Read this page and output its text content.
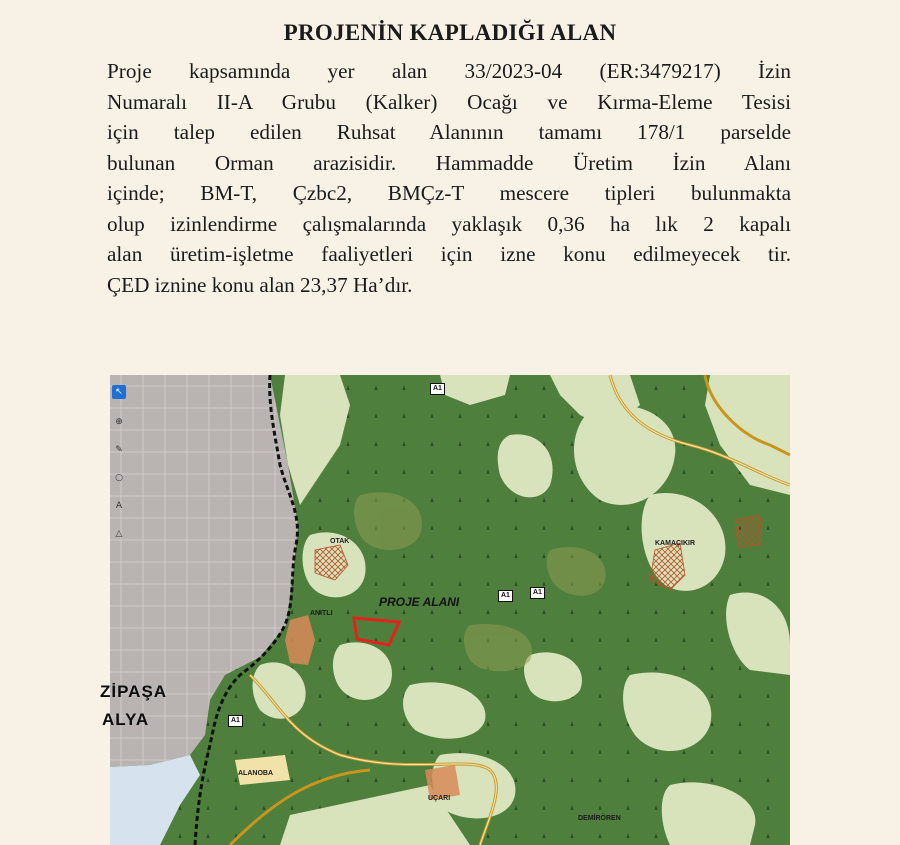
PROJENİN KAPLADIĞI ALAN
Proje kapsamında yer alan 33/2023-04 (ER:3479217) İzin
Numaralı II-A Grubu (Kalker) Ocağı ve Kırma-Eleme Tesisi
için talep edilen Ruhsat Alanının tamamı 178/1 parselde
bulunan Orman arazisidir. Hammadde Üretim İzin Alanı
içinde; BM-T, Çzbc2, BMÇz-T mescere tipleri bulunmakta
olup izinlendirme çalışmalarında yaklaşık 0,36 ha lık 2 kapalı
alan üretim-işletme faaliyetleri için izne konu edilmeyecek tir.
ÇED iznine konu alan 23,37 Ha’dır.
↖
⊕
✎
○
A
△
PROJE ALANI
OTAK
ANITLI
KAMAÇIKIR
ALANOBA
UÇARI
DEMİRÖREN
ZİPAŞA
ALYA
A1
A1	A1
A1
